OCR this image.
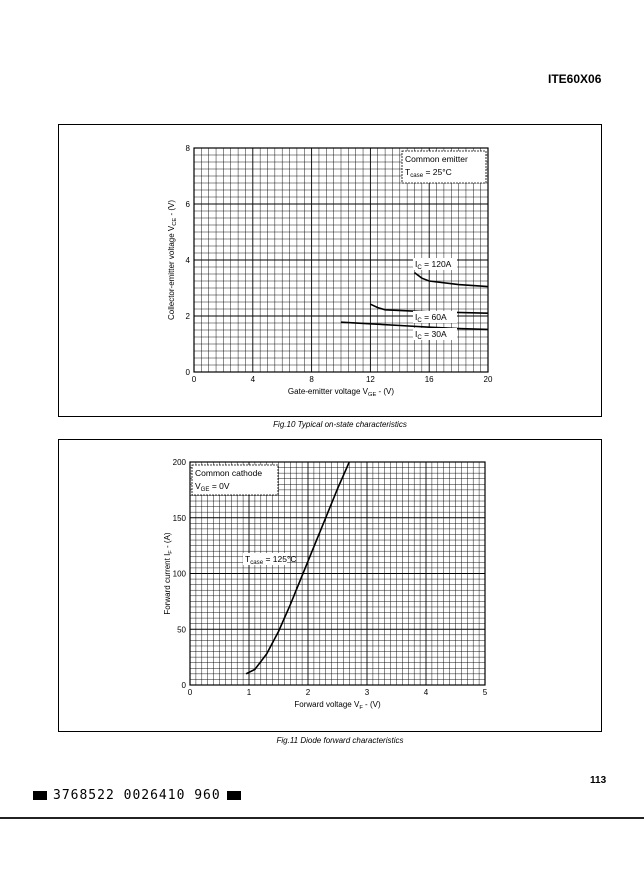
ITE60X06
0	4	8	12	16	20
0
2
4
6
8
Gate-emitter voltage $V_{GE} - (V)$
Collector-emitter voltage $V_{CE} - (V)$
Common emitter
$T_{case} = 25^\circ C$
$I_C = 120A$
$I_C = 60A$
$I_C = 30A$
Fig.10 Typical on-state characteristics
0	1	2	3	4	5
0
50
100
150
200
Forward voltage $V_F - (V)$
Forward current $I_F - (A)$
Common cathode
$V_{GE} = 0V$
$T_{case} = 125^\circ C$
Fig.11 Diode forward characteristics
113
3768522 0026410 960
